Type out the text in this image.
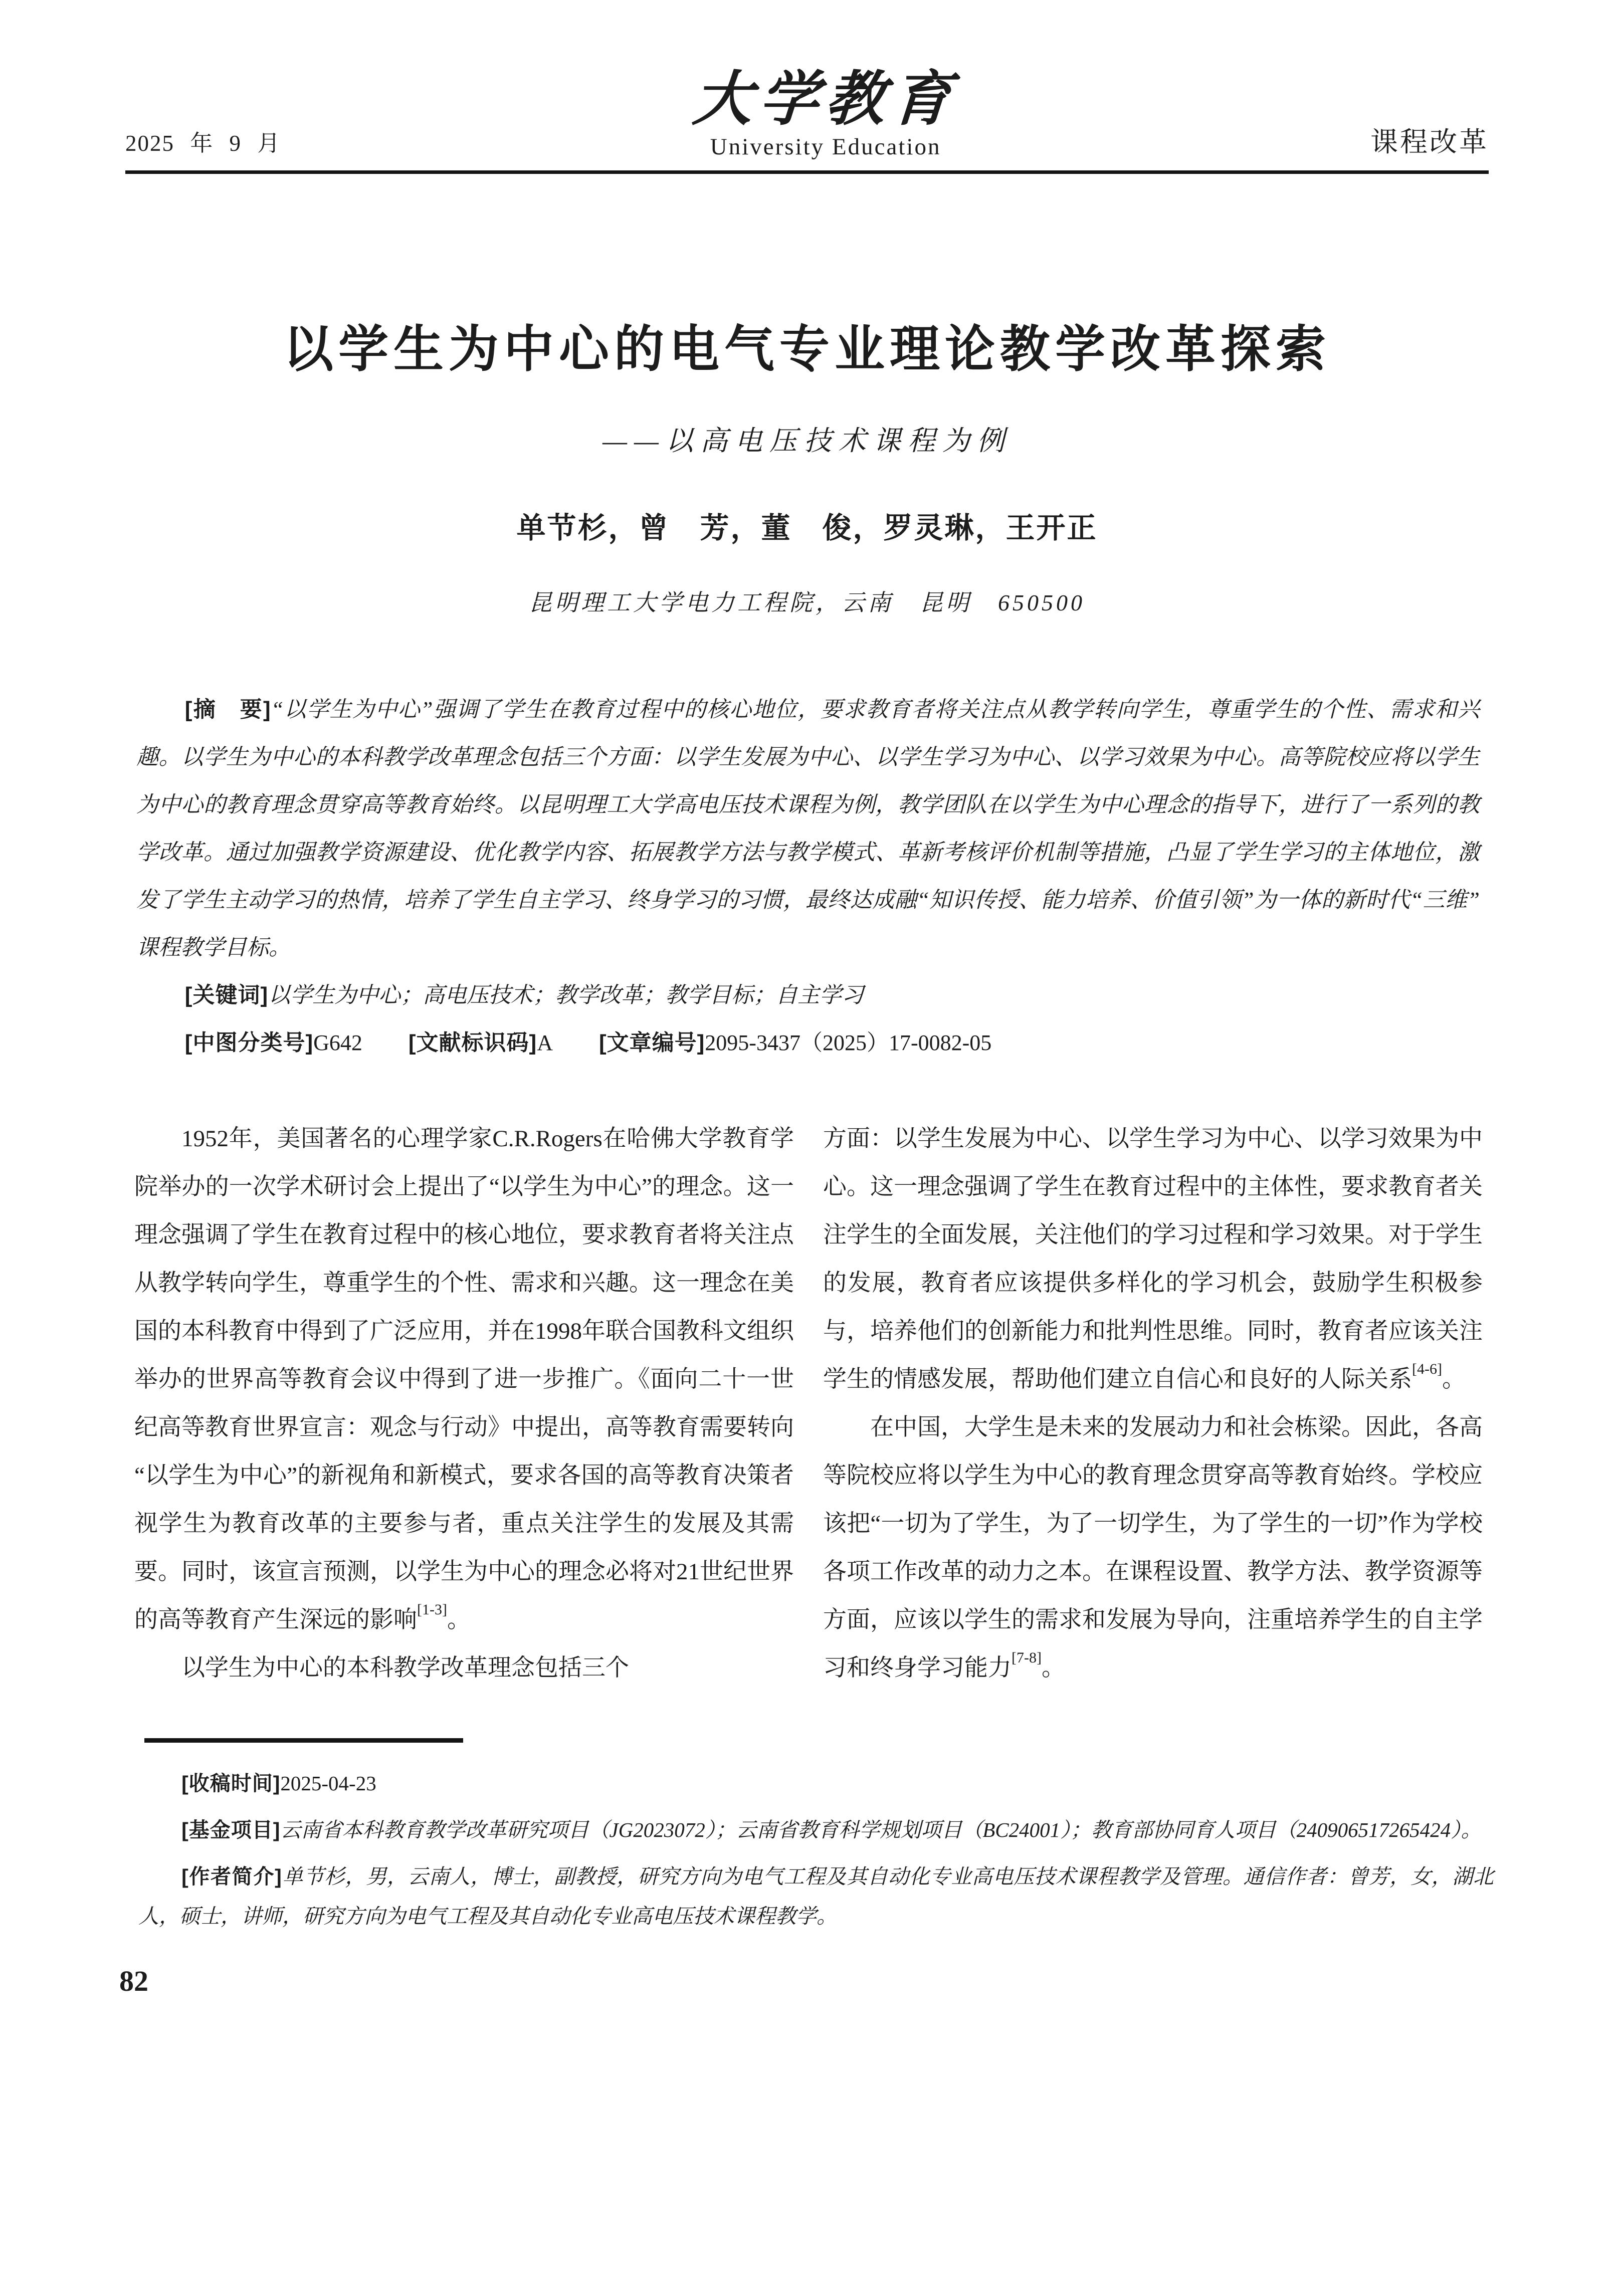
2025 年 9 月
大学教育
University Education	课程改革
以学生为中心的电气专业理论教学改革探索
——以高电压技术课程为例
单节杉，曾　芳，董　俊，罗灵琳，王开正
昆明理工大学电力工程院，云南　昆明　650500

[摘　要]“以学生为中心”强调了学生在教育过程中的核心地位，要求教育者将关注点从教学转向学生，尊重学生的个性、需求和兴趣。以学生为中心的本科教学改革理念包括三个方面：以学生发展为中心、以学生学习为中心、以学习效果为中心。高等院校应将以学生为中心的教育理念贯穿高等教育始终。以昆明理工大学高电压技术课程为例，教学团队在以学生为中心理念的指导下，进行了一系列的教学改革。通过加强教学资源建设、优化教学内容、拓展教学方法与教学模式、革新考核评价机制等措施，凸显了学生学习的主体地位，激发了学生主动学习的热情，培养了学生自主学习、终身学习的习惯，最终达成融“知识传授、能力培养、价值引领”为一体的新时代“三维”课程教学目标。

[关键词]以学生为中心；高电压技术；教学改革；教学目标；自主学习

[中图分类号]G642 [文献标识码]A [文章编号]2095-3437（2025）17-0082-05

1952年，美国著名的心理学家C.R.Rogers在哈佛大学教育学院举办的一次学术研讨会上提出了“以学生为中心”的理念。这一理念强调了学生在教育过程中的核心地位，要求教育者将关注点从教学转向学生，尊重学生的个性、需求和兴趣。这一理念在美国的本科教育中得到了广泛应用，并在1998年联合国教科文组织举办的世界高等教育会议中得到了进一步推广。《面向二十一世纪高等教育世界宣言：观念与行动》中提出，高等教育需要转向“以学生为中心”的新视角和新模式，要求各国的高等教育决策者视学生为教育改革的主要参与者，重点关注学生的发展及其需要。同时，该宣言预测，以学生为中心的理念必将对21世纪世界的高等教育产生深远的影响[1-3]。

以学生为中心的本科教学改革理念包括三个

方面：以学生发展为中心、以学生学习为中心、以学习效果为中心。这一理念强调了学生在教育过程中的主体性，要求教育者关注学生的全面发展，关注他们的学习过程和学习效果。对于学生的发展，教育者应该提供多样化的学习机会，鼓励学生积极参与，培养他们的创新能力和批判性思维。同时，教育者应该关注学生的情感发展，帮助他们建立自信心和良好的人际关系[4-6]。

在中国，大学生是未来的发展动力和社会栋梁。因此，各高等院校应将以学生为中心的教育理念贯穿高等教育始终。学校应该把“一切为了学生，为了一切学生，为了学生的一切”作为学校各项工作改革的动力之本。在课程设置、教学方法、教学资源等方面，应该以学生的需求和发展为导向，注重培养学生的自主学习和终身学习能力[7-8]。

[收稿时间]2025-04-23

[基金项目]云南省本科教育教学改革研究项目（JG2023072）；云南省教育科学规划项目（BC24001）；教育部协同育人项目（240906517265424）。

[作者简介]单节杉，男，云南人，博士，副教授，研究方向为电气工程及其自动化专业高电压技术课程教学及管理。通信作者：曾芳，女，湖北人，硕士，讲师，研究方向为电气工程及其自动化专业高电压技术课程教学。

82
